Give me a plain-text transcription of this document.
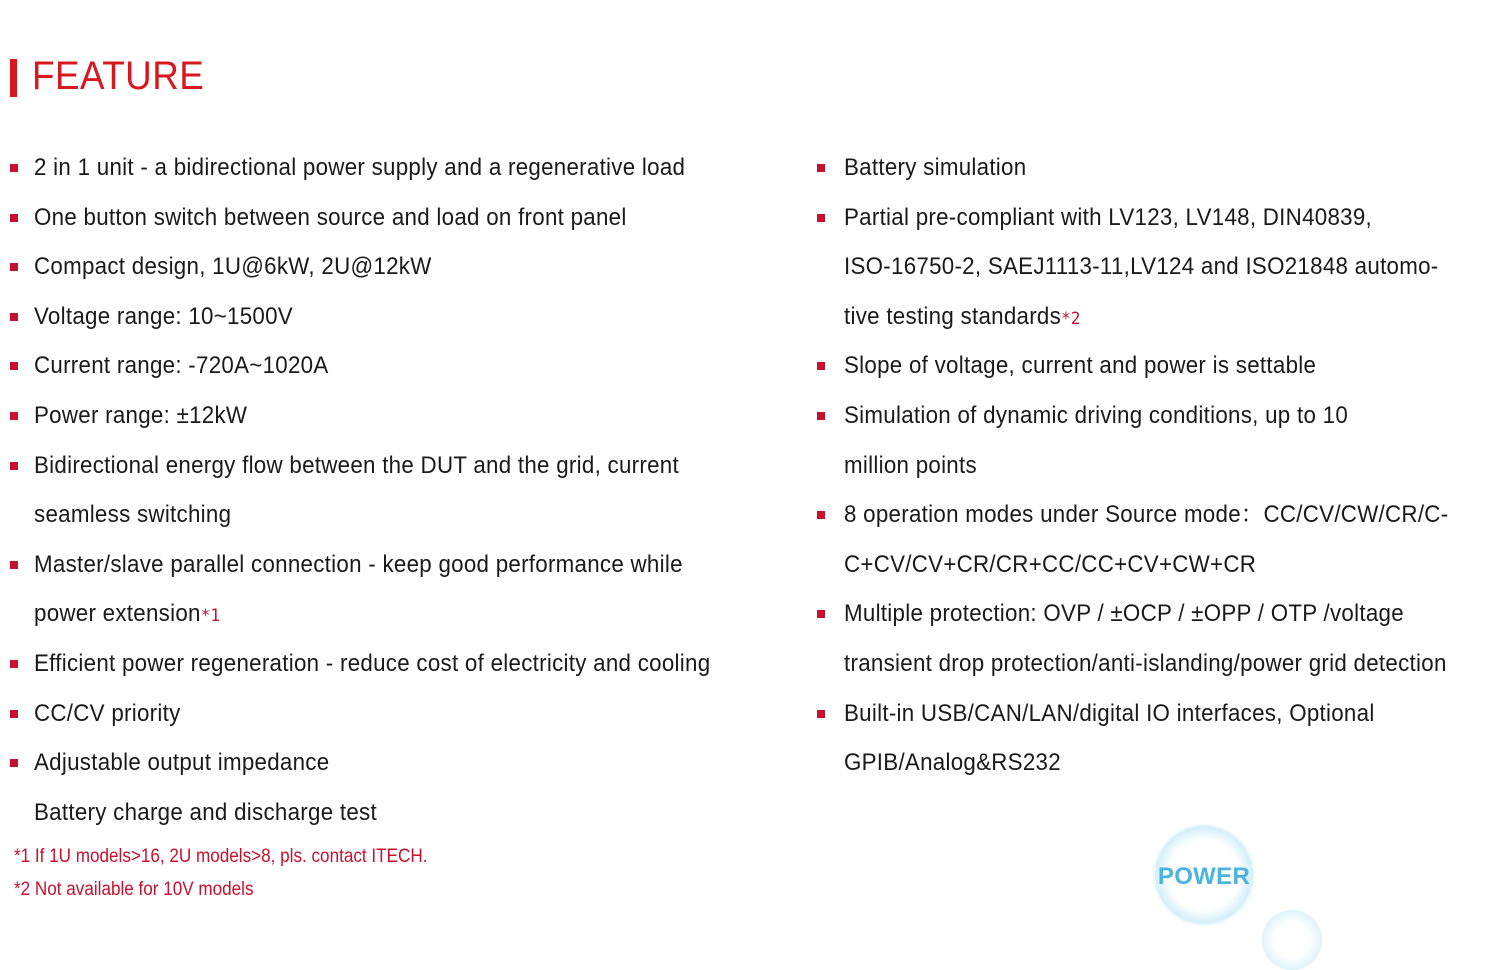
FEATURE
2 in 1 unit - a bidirectional power supply and a regenerative load
One button switch between source and load on front panel
Compact design, 1U@6kW, 2U@12kW
Voltage range: 10~1500V
Current range: -720A~1020A
Power range: ±12kW
Bidirectional energy flow between the DUT and the grid, current
seamless switching
Master/slave parallel connection - keep good performance while
power extension*1
Efficient power regeneration - reduce cost of electricity and cooling
CC/CV priority
Adjustable output impedance
Battery charge and discharge test
Battery simulation
Partial pre-compliant with LV123, LV148, DIN40839,
ISO-16750-2, SAEJ1113-11,LV124 and ISO21848 automo-
tive testing standards*2
Slope of voltage, current and power is settable
Simulation of dynamic driving conditions, up to 10
million points
8 operation modes under Source mode：CC/CV/CW/CR/C-
C+CV/CV+CR/CR+CC/CC+CV+CW+CR
Multiple protection: OVP / ±OCP / ±OPP / OTP /voltage
transient drop protection/anti-islanding/power grid detection
Built-in USB/CAN/LAN/digital IO interfaces, Optional
GPIB/Analog&RS232
*1 If 1U models>16, 2U models>8, pls. contact ITECH.
*2 Not available for 10V models	POWER
